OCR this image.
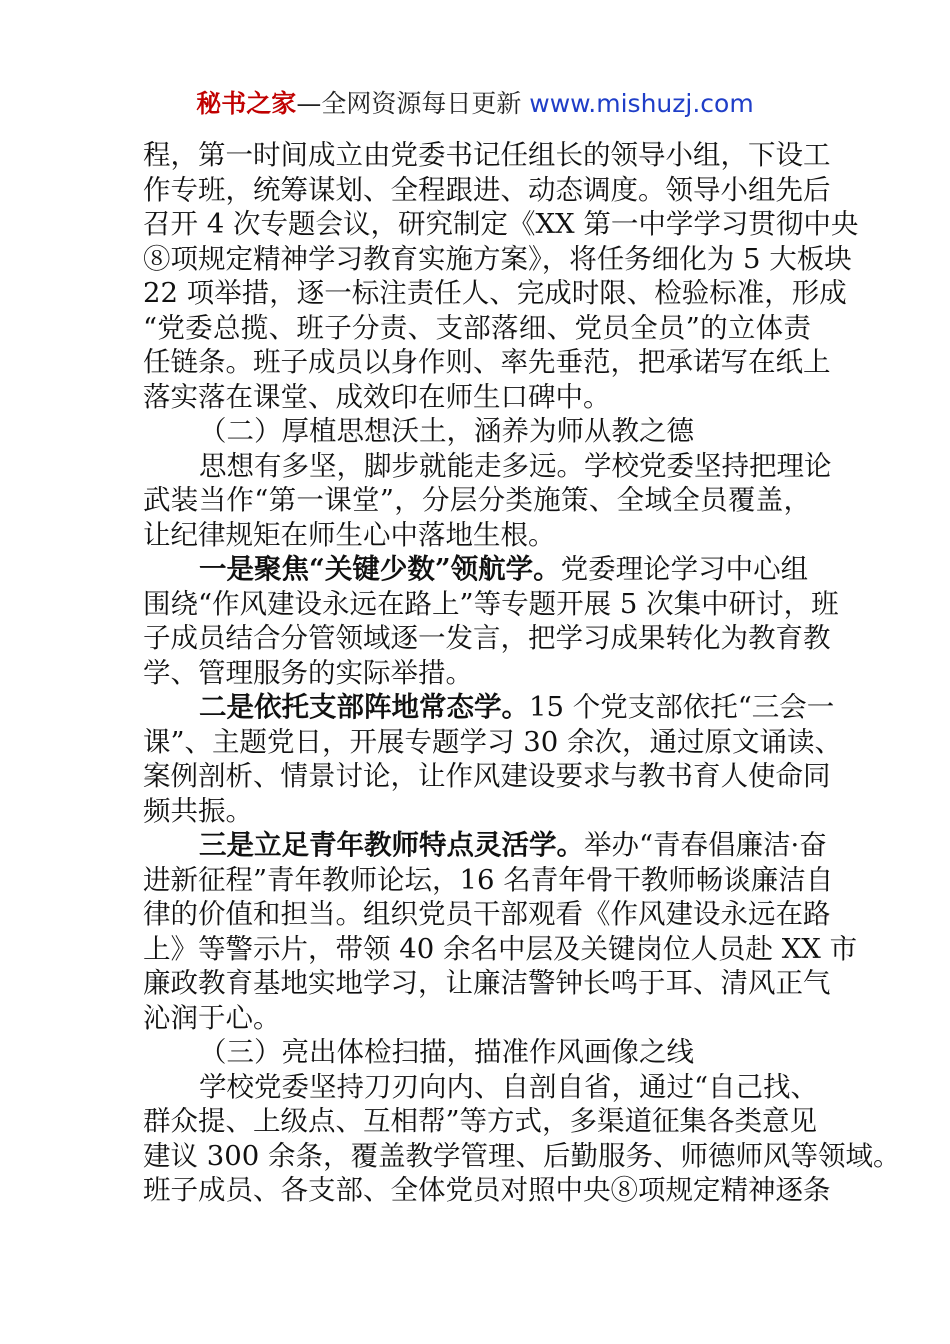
秘书之家—全网资源每日更新 www.mishuzj.com
程，第一时间成立由党委书记任组长的领导小组，下设工
作专班，统筹谋划、全程跟进、动态调度。领导小组先后
召开 4 次专题会议，研究制定《XX 第一中学学习贯彻中央
⑧项规定精神学习教育实施方案》，将任务细化为 5 大板块
22 项举措，逐一标注责任人、完成时限、检验标准，形成
“党委总揽、班子分责、支部落细、党员全员”的立体责
任链条。班子成员以身作则、率先垂范，把承诺写在纸上
落实落在课堂、成效印在师生口碑中。
（二）厚植思想沃土，涵养为师从教之德
思想有多坚，脚步就能走多远。学校党委坚持把理论
武装当作“第一课堂”，分层分类施策、全域全员覆盖，
让纪律规矩在师生心中落地生根。
一是聚焦“关键少数”领航学。党委理论学习中心组
围绕“作风建设永远在路上”等专题开展 5 次集中研讨，班
子成员结合分管领域逐一发言，把学习成果转化为教育教
学、管理服务的实际举措。
二是依托支部阵地常态学。15 个党支部依托“三会一
课”、主题党日，开展专题学习 30 余次，通过原文诵读、
案例剖析、情景讨论，让作风建设要求与教书育人使命同
频共振。
三是立足青年教师特点灵活学。举办“青春倡廉洁·奋
进新征程”青年教师论坛，16 名青年骨干教师畅谈廉洁自
律的价值和担当。组织党员干部观看《作风建设永远在路
上》等警示片，带领 40 余名中层及关键岗位人员赴 XX 市
廉政教育基地实地学习，让廉洁警钟长鸣于耳、清风正气
沁润于心。
（三）亮出体检扫描，描准作风画像之线
学校党委坚持刀刃向内、自剖自省，通过“自己找、
群众提、上级点、互相帮”等方式，多渠道征集各类意见
建议 300 余条，覆盖教学管理、后勤服务、师德师风等领域。
班子成员、各支部、全体党员对照中央⑧项规定精神逐条
